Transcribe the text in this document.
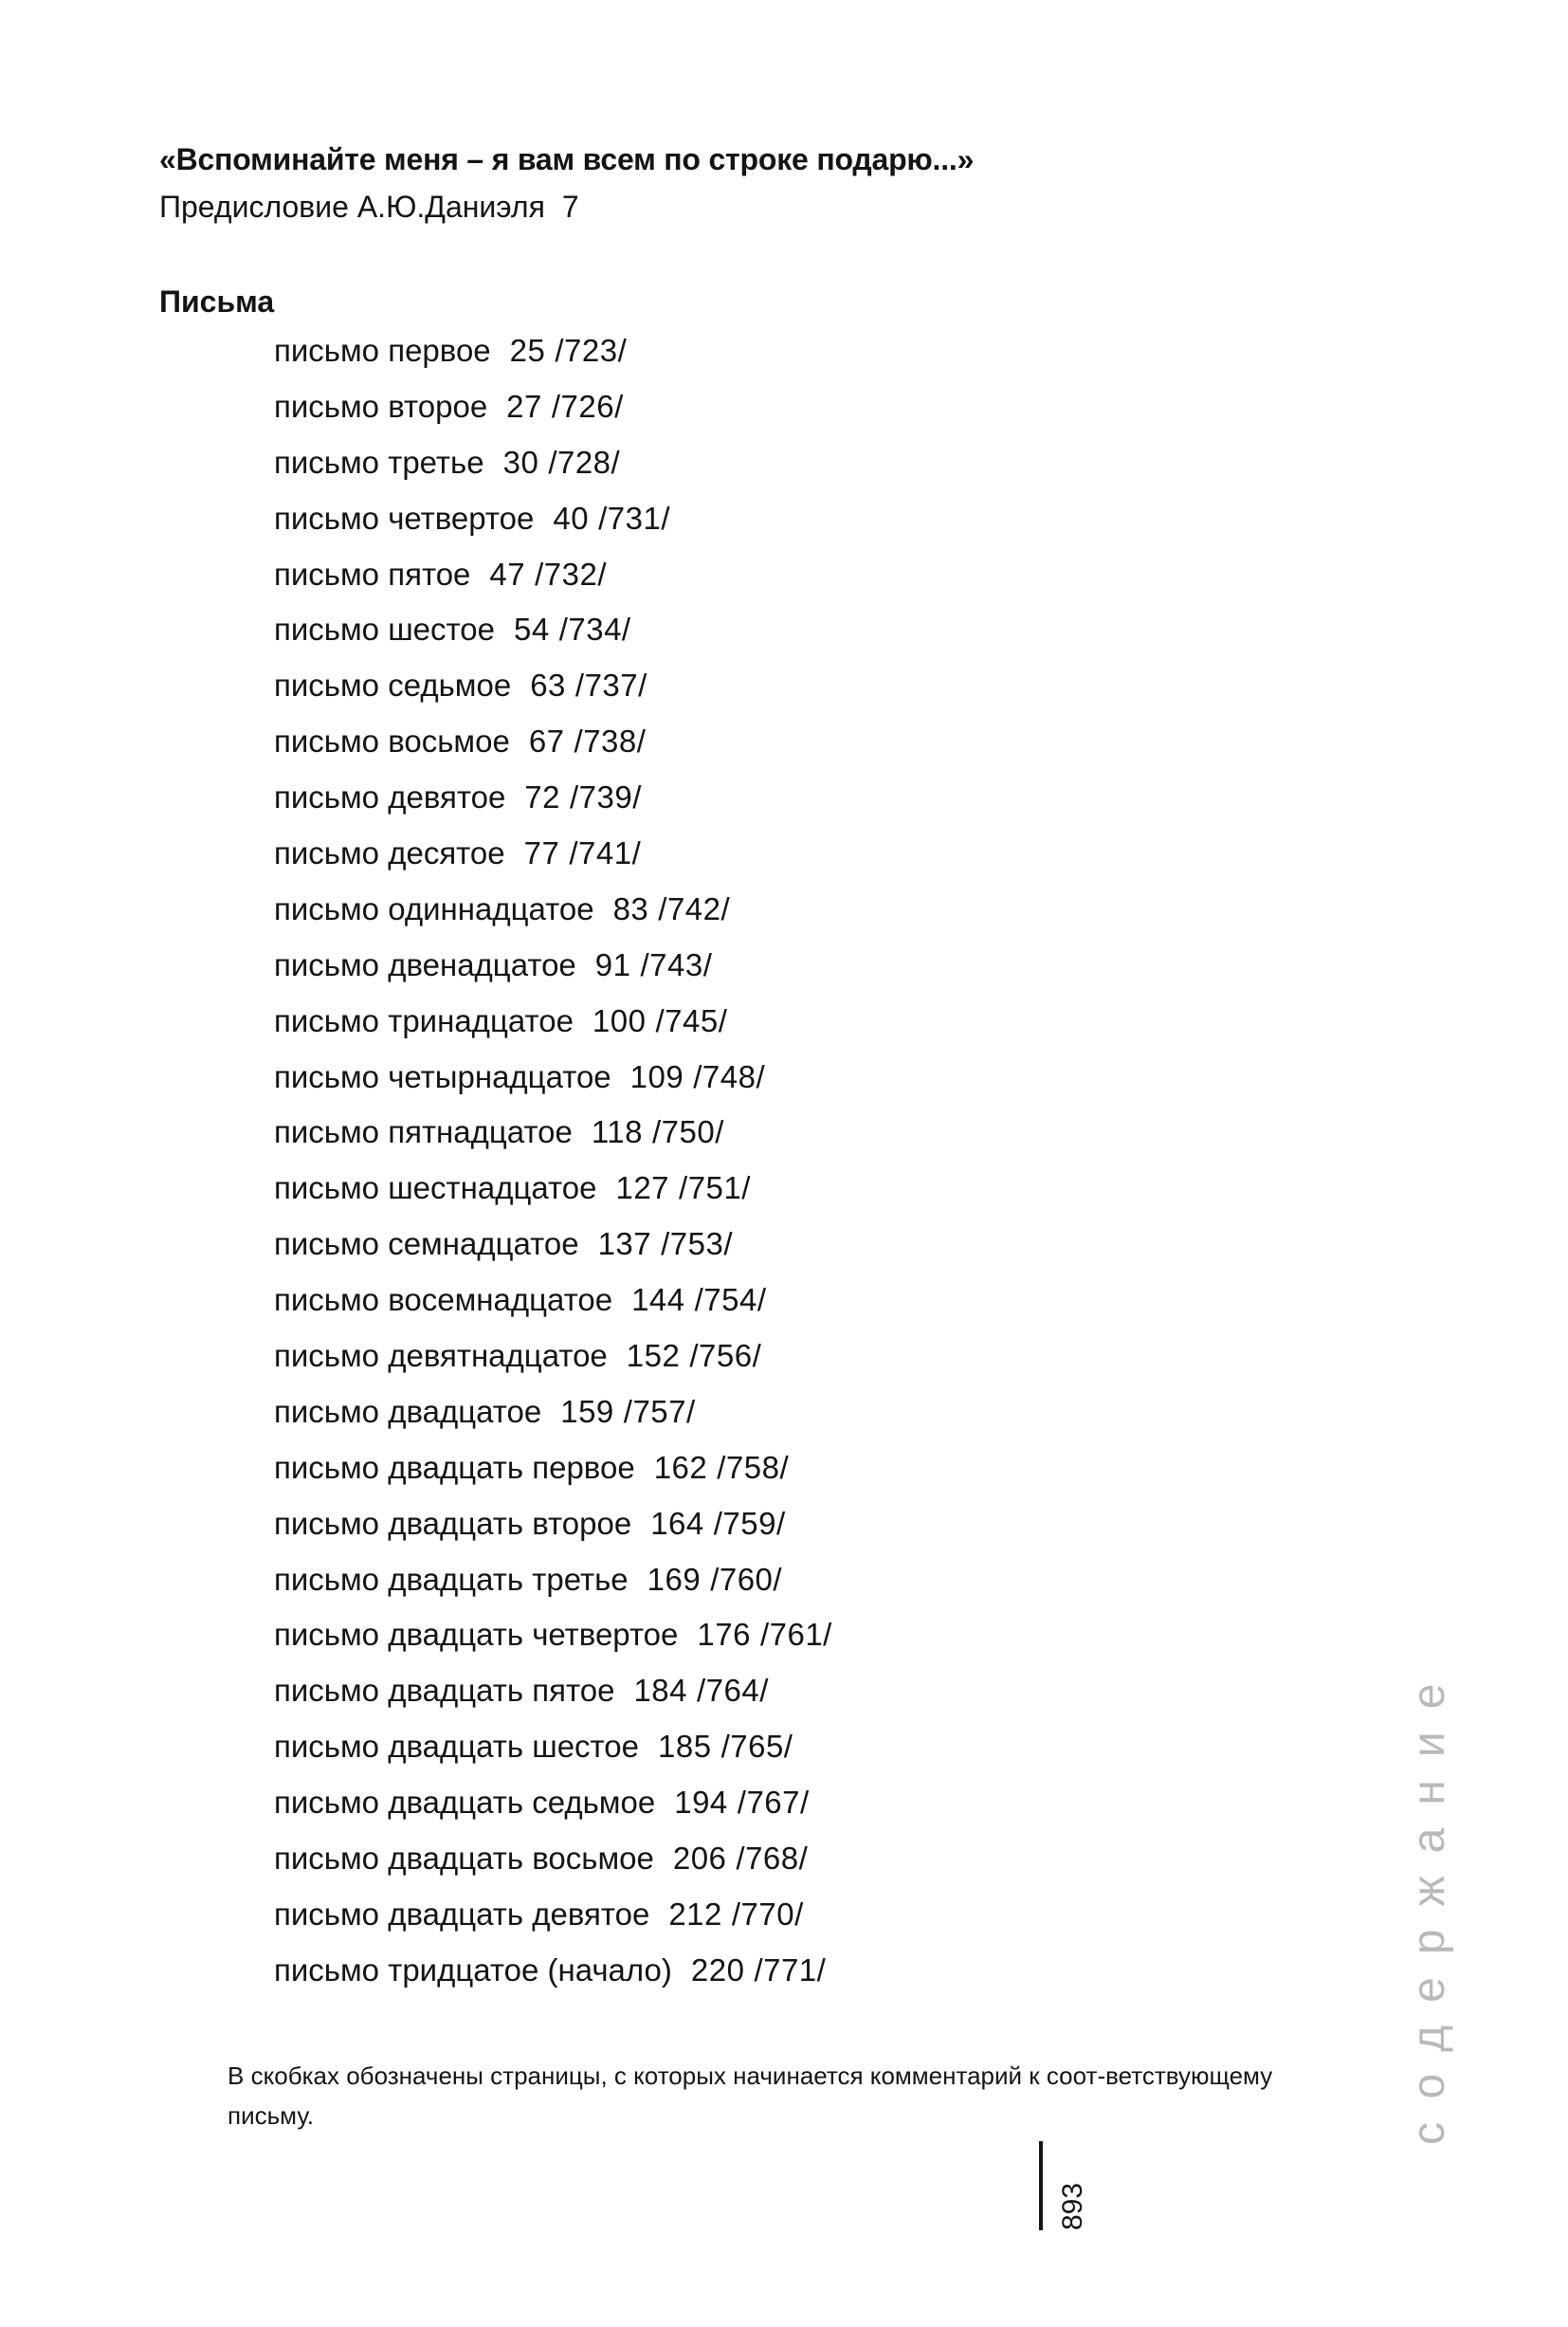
«Вспоминайте меня – я вам всем по строке подарю...»
Предисловие А.Ю.Даниэля 7
Письма
письмо первое 25 /723/
письмо вторoе 27 /726/
письмо третье 30 /728/
письмо четвертое 40 /731/
письмо пятое 47 /732/
письмо шестое 54 /734/
письмо седьмое 63 /737/
письмо восьмое 67 /738/
письмо девятое 72 /739/
письмо десятое 77 /741/
письмо одиннадцатое 83 /742/
письмо двенадцатое 91 /743/
письмо тринадцатое 100 /745/
письмо четырнадцатое 109 /748/
письмо пятнадцатое 118 /750/
письмо шестнадцатое 127 /751/
письмо семнадцатое 137 /753/
письмо восемнадцатое 144 /754/
письмо девятнадцатое 152 /756/
письмо двадцатое 159 /757/
письмо двадцать первое 162 /758/
письмо двадцать вторoе 164 /759/
письмо двадцать третье 169 /760/
письмо двадцать четвертое 176 /761/
письмо двадцать пятое 184 /764/
письмо двадцать шестое 185 /765/
письмо двадцать седьмое 194 /767/
письмо двадцать восьмое 206 /768/
письмо двадцать девятое 212 /770/
письмо тридцатое (начало) 220 /771/
В скобках обозначены страницы, с которых начинается комментарий к соот-ветствующему письму.
893
содержание
